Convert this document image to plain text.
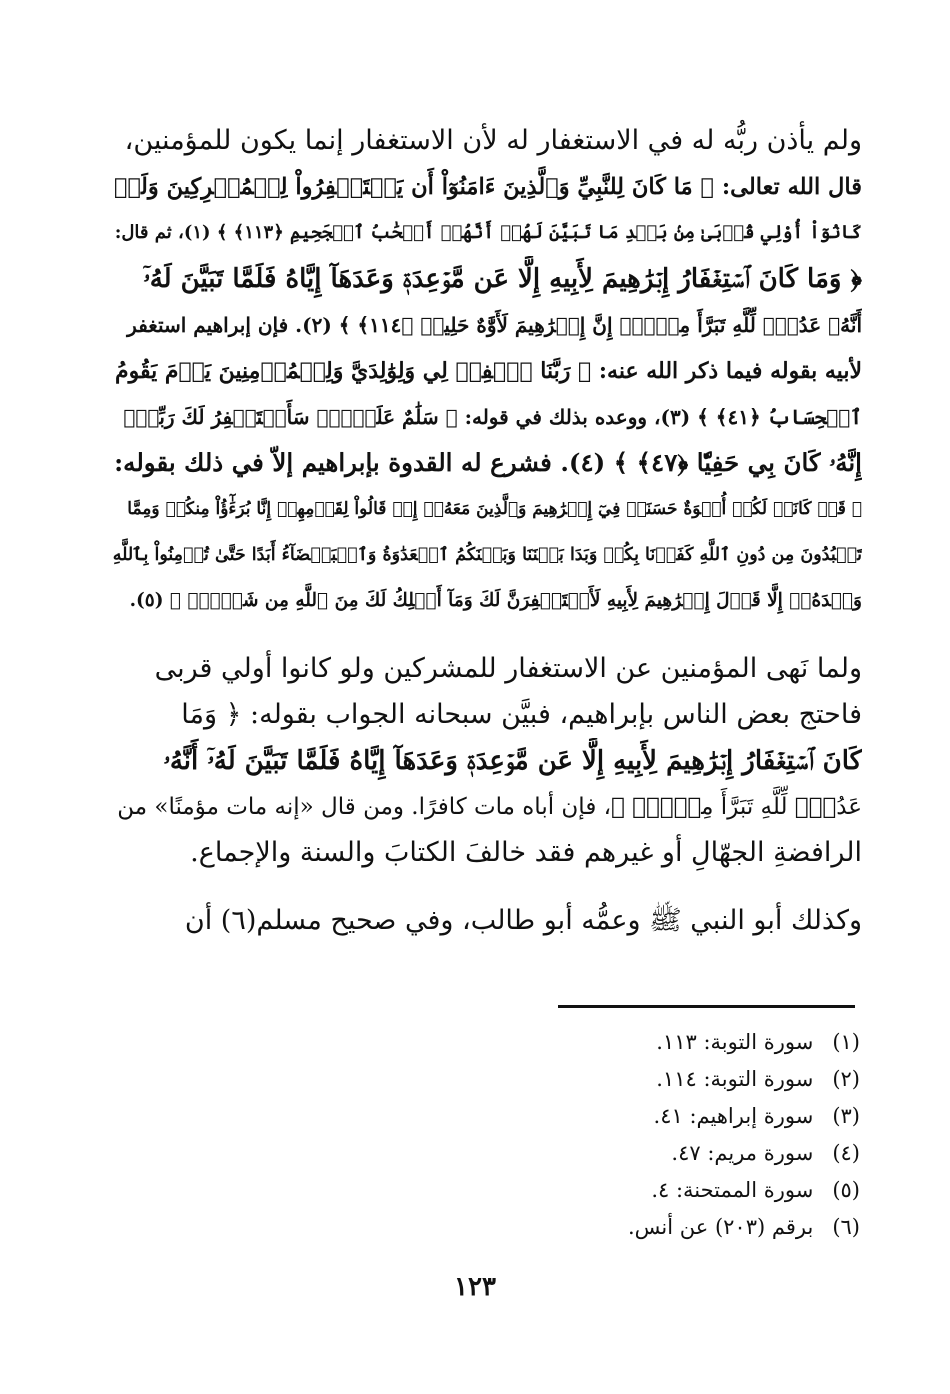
ولم يأذن ربُّه له في الاستغفار له لأن الاستغفار إنما يكون للمؤمنين،
قال الله تعالى: ﴿ مَا كَانَ لِلنَّبِيِّ وَٱلَّذِينَ ءَامَنُوٓاْ أَن يَسۡتَغۡفِرُواْ لِلۡمُشۡرِكِينَ وَلَوۡ
كَانُوٓاْ أُوْلِي قُرۡبَىٰ مِنۢ بَعۡدِ مَا تَبَيَّنَ لَهُمۡ أَنَّهُمۡ أَصۡحَٰبُ ٱلۡجَحِيمِ ﴿١١٣﴾ ﴾ (١)، ثم قال:
﴿ وَمَا كَانَ ٱسۡتِغۡفَارُ إِبۡرَٰهِيمَ لِأَبِيهِ إِلَّا عَن مَّوۡعِدَةٖ وَعَدَهَآ إِيَّاهُ فَلَمَّا تَبَيَّنَ لَهُۥٓ
أَنَّهُۥ عَدُوّٞ لِّلَّهِ تَبَرَّأَ مِنۡهُۚ إِنَّ إِبۡرَٰهِيمَ لَأَوَّٰهٌ حَلِيمٞ ﴿١١٤﴾ ﴾ (٢). فإن إبراهيم استغفر
لأبيه بقوله فيما ذكر الله عنه: ﴿ رَبَّنَا ٱغۡفِرۡ لِي وَلِوَٰلِدَيَّ وَلِلۡمُؤۡمِنِينَ يَوۡمَ يَقُومُ
ٱلۡحِسَابُ ﴿٤١﴾ ﴾ (٣)، ووعده بذلك في قوله: ﴿ سَلَٰمٌ عَلَيۡكَۖ سَأَسۡتَغۡفِرُ لَكَ رَبِّيٓۖ
إِنَّهُۥ كَانَ بِي حَفِيّٗا ﴿٤٧﴾ ﴾ (٤). فشرع له القدوة بإبراهيم إلاّ في ذلك بقوله:
﴿ قَدۡ كَانَتۡ لَكُمۡ أُسۡوَةٌ حَسَنَةٞ فِيٓ إِبۡرَٰهِيمَ وَٱلَّذِينَ مَعَهُۥٓ إِذۡ قَالُواْ لِقَوۡمِهِمۡ إِنَّا بُرَءَٰٓؤُاْ مِنكُمۡ وَمِمَّا
تَعۡبُدُونَ مِن دُونِ ٱللَّهِ كَفَرۡنَا بِكُمۡ وَبَدَا بَيۡنَنَا وَبَيۡنَكُمُ ٱلۡعَدَٰوَةُ وَٱلۡبَغۡضَآءُ أَبَدًا حَتَّىٰ تُؤۡمِنُواْ بِٱللَّهِ
وَحۡدَهُۥٓ إِلَّا قَوۡلَ إِبۡرَٰهِيمَ لِأَبِيهِ لَأَسۡتَغۡفِرَنَّ لَكَ وَمَآ أَمۡلِكُ لَكَ مِنَ ٱللَّهِ مِن شَيۡءٖۖ ﴾ (٥).
ولما نَهى المؤمنين عن الاستغفار للمشركين ولو كانوا أولي قربى
فاحتج بعض الناس بإبراهيم، فبيَّن سبحانه الجواب بقوله: ﴿ وَمَا
كَانَ ٱسۡتِغۡفَارُ إِبۡرَٰهِيمَ لِأَبِيهِ إِلَّا عَن مَّوۡعِدَةٖ وَعَدَهَآ إِيَّاهُ فَلَمَّا تَبَيَّنَ لَهُۥٓ أَنَّهُۥ
عَدُوّٞ لِّلَّهِ تَبَرَّأَ مِنۡهُۚ ﴾، فإن أباه مات كافرًا. ومن قال «إنه مات مؤمنًا» من
الرافضةِ الجهّالِ أو غيرهم فقد خالفَ الكتابَ والسنة والإجماع.
وكذلك أبو النبي ﷺ وعمُّه أبو طالب، وفي صحيح مسلم(٦) أن
(١) سورة التوبة: ١١٣.
(٢) سورة التوبة: ١١٤.
(٣) سورة إبراهيم: ٤١.
(٤) سورة مريم: ٤٧.
(٥) سورة الممتحنة: ٤.
(٦) برقم (٢٠٣) عن أنس.
١٢٣
